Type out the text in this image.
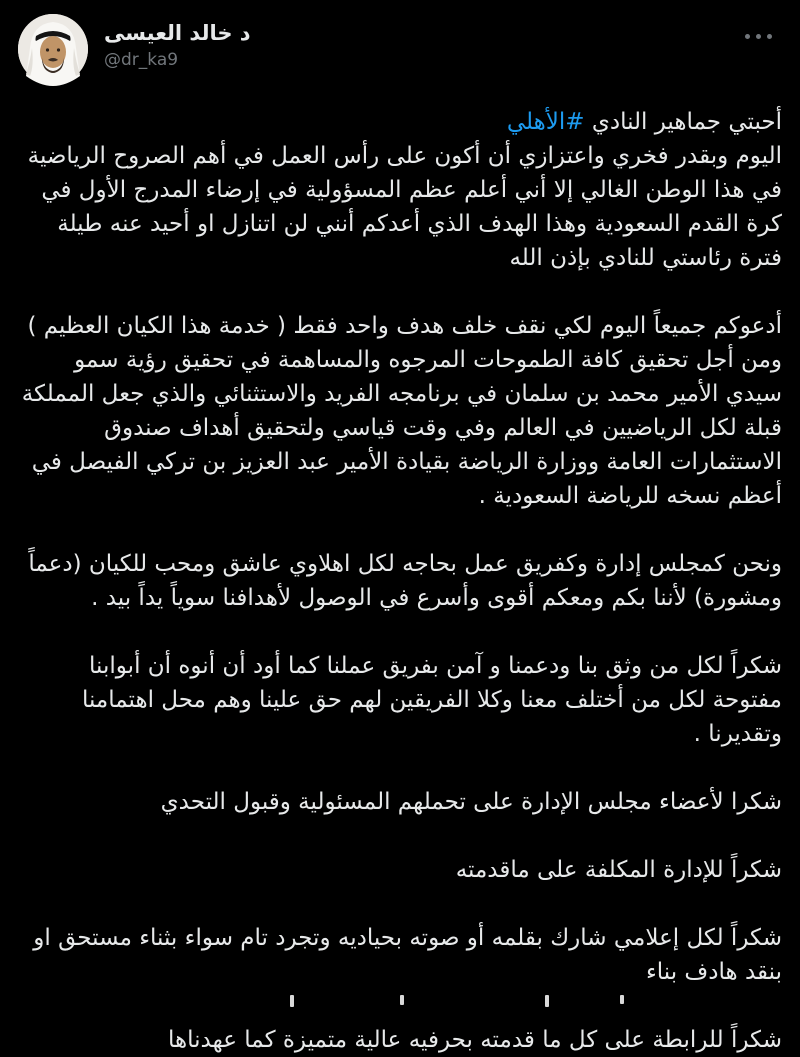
د خالد العيسى
@dr_ka9

أحبتي جماهير النادي #الأهلي
اليوم وبقدر فخري واعتزازي أن أكون على رأس العمل في أهم الصروح الرياضية في هذا الوطن الغالي إلا أني أعلم عظم المسؤولية في إرضاء المدرج الأول في كرة القدم السعودية وهذا الهدف الذي أعدكم أنني لن اتنازل او أحيد عنه طيلة فترة رئاستي للنادي بإذن الله

أدعوكم جميعاً اليوم لكي نقف خلف هدف واحد فقط ( خدمة هذا الكيان العظيم ) ومن أجل تحقيق كافة الطموحات المرجوه والمساهمة في تحقيق رؤية سمو سيدي الأمير محمد بن سلمان في برنامجه الفريد والاستثنائي والذي جعل المملكة قبلة لكل الرياضيين في العالم وفي وقت قياسي ولتحقيق أهداف صندوق الاستثمارات العامة ووزارة الرياضة بقيادة الأمير عبد العزيز بن تركي الفيصل في أعظم نسخه للرياضة السعودية .

ونحن كمجلس إدارة وكفريق عمل بحاجه لكل اهلاوي عاشق ومحب للكيان (دعماً ومشورة) لأننا بكم ومعكم أقوى وأسرع في الوصول لأهدافنا سوياً يداً بيد .

شكراً لكل من وثق بنا ودعمنا و آمن بفريق عملنا كما أود أن أنوه أن أبوابنا مفتوحة لكل من أختلف معنا وكلا الفريقين لهم حق علينا وهم محل اهتمامنا وتقديرنا .

شكرا لأعضاء مجلس الإدارة على تحملهم المسئولية وقبول التحدي

شكراً للإدارة المكلفة على ماقدمته

شكراً لكل إعلامي شارك بقلمه أو صوته بحياديه وتجرد تام سواء بثناء مستحق او بنقد هادف بناء

شكراً للرابطة على كل ما قدمته بحرفيه عالية متميزة كما عهدناها
